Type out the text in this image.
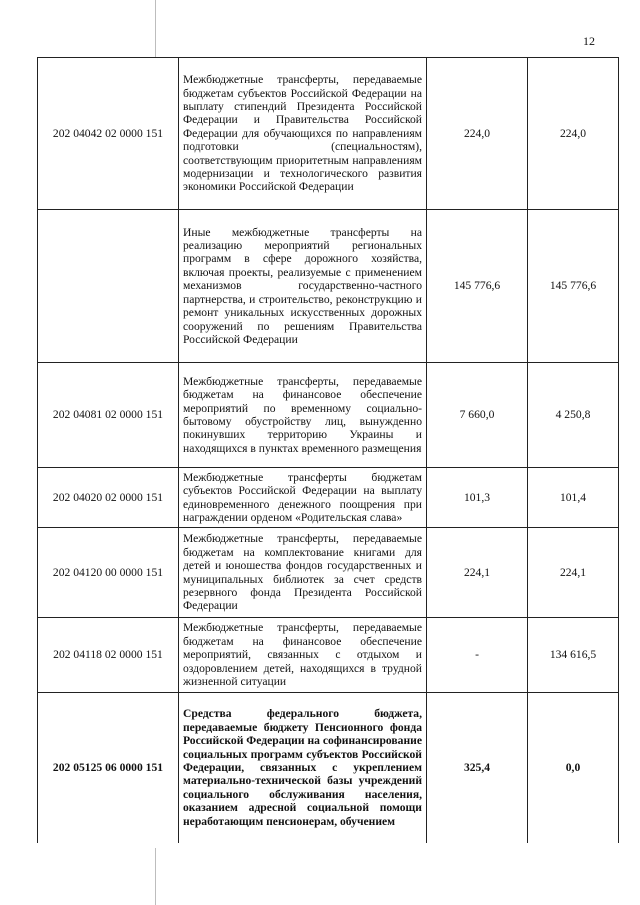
12
202 04042 02 0000 151	Межбюджетные трансферты, передаваемые бюджетам субъектов Российской Федерации на выплату стипендий Президента Российской Федерации и Правительства Российской Федерации для обучающихся по направлениям подготовки (специальностям), соответствующим приоритетным направлениям модернизации и технологического развития экономики Российской Федерации	224,0	224,0
	Иные межбюджетные трансферты на реализацию мероприятий региональных программ в сфере дорожного хозяйства, включая проекты, реализуемые с применением механизмов государственно-частного партнерства, и строительство, реконструкцию и ремонт уникальных искусственных дорожных сооружений по решениям Правительства Российской Федерации	145 776,6	145 776,6
202 04081 02 0000 151	Межбюджетные трансферты, передаваемые бюджетам на финансовое обеспечение мероприятий по временному социально-бытовому обустройству лиц, вынужденно покинувших территорию Украины и находящихся в пунктах временного размещения	7 660,0	4 250,8
202 04020 02 0000 151	Межбюджетные трансферты бюджетам субъектов Российской Федерации на выплату единовременного денежного поощрения при награждении орденом «Родительская слава»	101,3	101,4
202 04120 00 0000 151	Межбюджетные трансферты, передаваемые бюджетам на комплектование книгами для детей и юношества фондов государственных и муниципальных библиотек за счет средств резервного фонда Президента Российской Федерации	224,1	224,1
202 04118 02 0000 151	Межбюджетные трансферты, передаваемые бюджетам на финансовое обеспечение мероприятий, связанных с отдыхом и оздоровлением детей, находящихся в трудной жизненной ситуации	-	134 616,5
202 05125 06 0000 151	Средства федерального бюджета, передаваемые бюджету Пенсионного фонда Российской Федерации на софинансирование социальных программ субъектов Российской Федерации, связанных с укреплением материально-технической базы учреждений социального обслуживания населения, оказанием адресной социальной помощи неработающим пенсионерам, обучением	325,4	0,0
